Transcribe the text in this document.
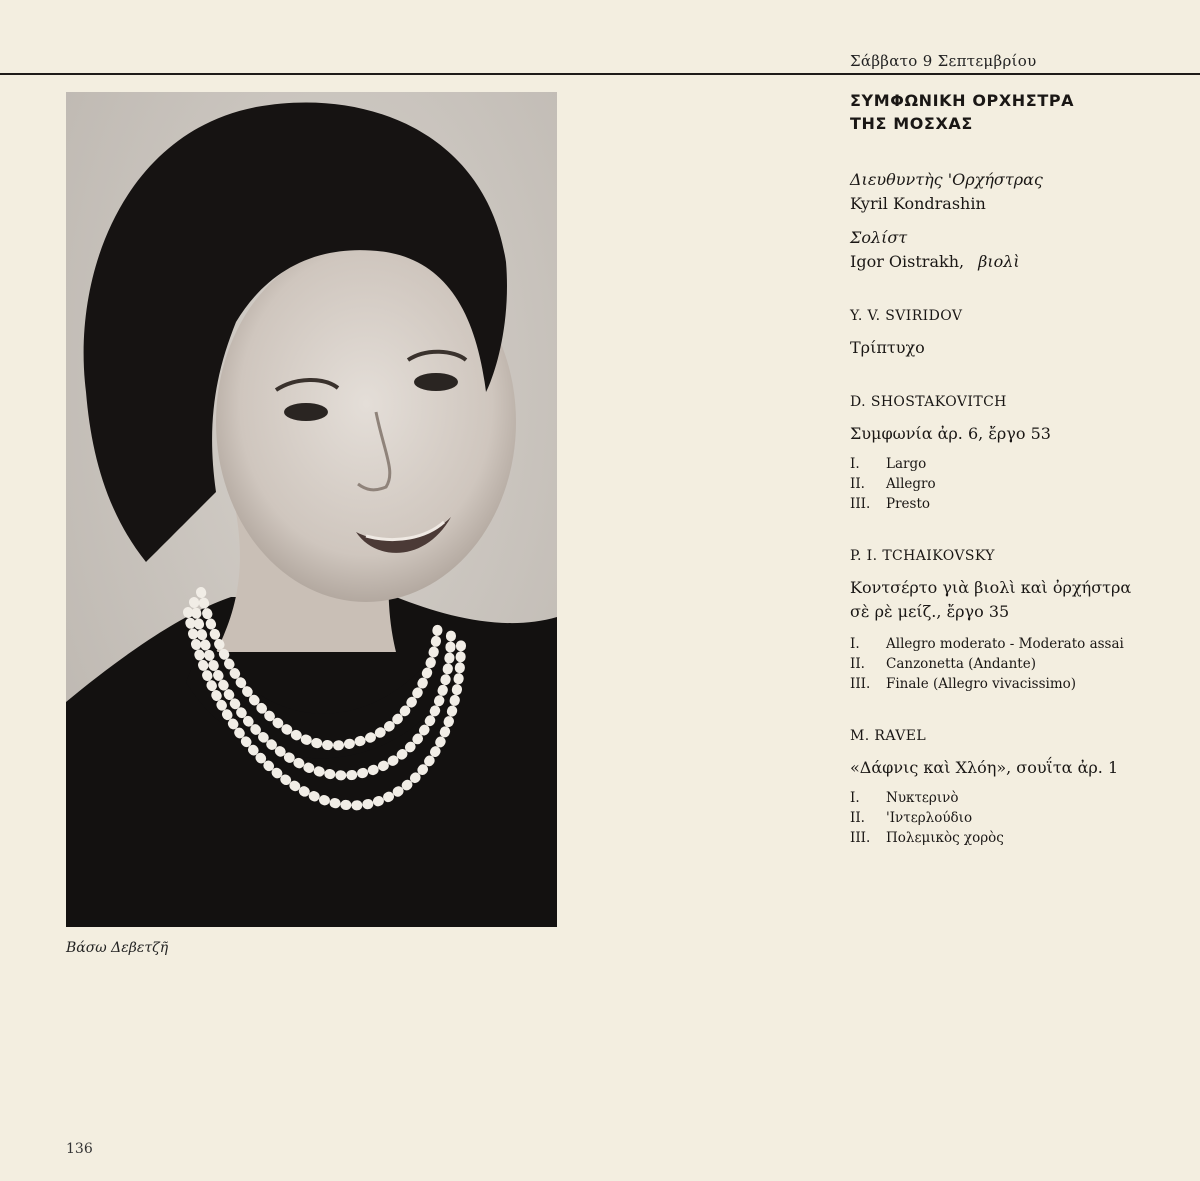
Σάββατο 9 Σεπτεμβρίου
Βάσω Δεβετζῆ
136
ΣΥΜΦΩΝΙΚΗ ΟΡΧΗΣΤΡΑ
ΤΗΣ ΜΟΣΧΑΣ
Διευθυντὴς 'Ορχήστρας
Kyril Kondrashin
Σολίστ
Igor Oistrakh, βιολὶ
Y. V. SVIRIDOV
Τρίπτυχο
D. SHOSTAKOVITCH
Συμφωνία ἀρ. 6, ἔργο 53
I.	Largo
II.	Allegro
III.	Presto
P. I. TCHAIKOVSKY
Κοντσέρτο γιὰ βιολὶ καὶ ὀρχήστρα
σὲ ρὲ μείζ., ἔργο 35
I.	Allegro moderato - Moderato assai
II.	Canzonetta (Andante)
III.	Finale (Allegro vivacissimo)
M. RAVEL
«Δάφνις καὶ Χλόη», σουΐτα ἀρ. 1
I.	Νυκτερινὸ
II.	'Ιντερλούδιο
III.	Πολεμικὸς χορὸς
